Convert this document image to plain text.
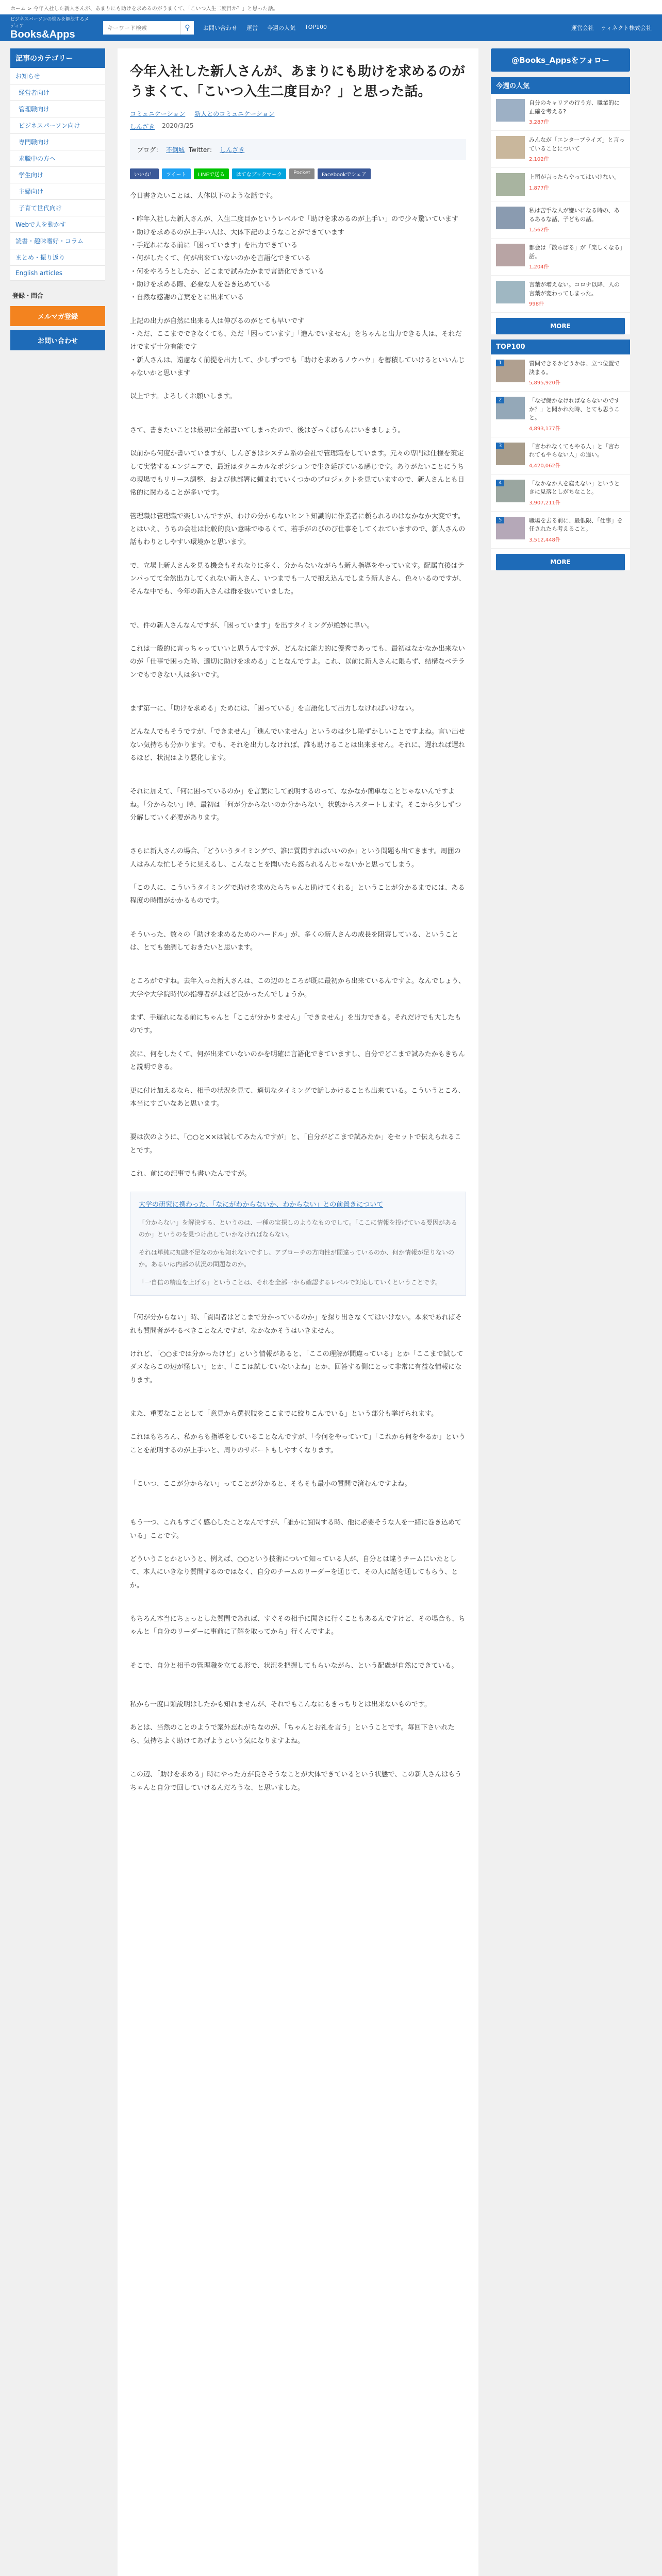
ホーム > 今年入社した新人さんが、あまりにも助けを求めるのがうまくて、「こいつ入生二度目か？」と思った話。
ビジネスパーソンの悩みを解決するメディア
Books&Apps
キーワード検索
⚲	お問い合わせ 運営 今週の人気 TOP100	運営会社 ティネクト株式会社
記事のカテゴリー
お知らせ
経営者向け
管理職向け
ビジネスパーソン向け
専門職向け
求職中の方へ
学生向け
主婦向け
子育て世代向け
Webで人を動かす
読書・趣味嗜好・コラム
まとめ・振り返り
English articles
登録・問合
メルマガ登録
お問い合わせ
今年入社した新人さんが、あまりにも助けを求めるのがうまくて、「こいつ入生二度目か？」と思った話。
コミュニケーション 新人とのコミュニケーション
しんざき 2020/3/25
ブログ： 不倒城 Twitter： しんざき
いいね！	ツイート	LINEで送る	はてなブックマーク	Pocket	Facebookでシェア

今日書きたいことは、大体以下のような話です。

・昨年入社した新人さんが、入生二度目かというレベルで「助けを求めるのが上手い」ので少々驚いています
・助けを求めるのが上手い人は、大体下記のようなことができています
・手遅れになる前に「困っています」を出力できている
・何がしたくて、何が出来ていないのかを言語化できている
・何をやろうとしたか、どこまで試みたかまで言語化できている
・助けを求める際、必要な人を巻き込めている
・自然な感謝の言葉をとに出来ている

上記の出力が自然に出来る人は伸びるのがとても早いです
・ただ、ここまでできなくても、ただ「困っています」「進んでいません」をちゃんと出力できる人は、それだけでまず十分有能です
・新人さんは、遠慮なく前提を出力して、少しずつでも「助けを求めるノウハウ」を蓄積していけるといいんじゃないかと思います

以上です。よろしくお願いします。

さて、書きたいことは最初に全部書いてしまったので、後はざっくばらんにいきましょう。

以前から何度か書いていますが、しんざきはシステム系の会社で管理職をしています。元々の専門は仕様を策定して実装するエンジニアで、最近はタクニカルなポジションで生き延びている感じです。ありがたいことにうちの現場でもリリース調整、および他部署に頼まれていくつかのプロジェクトを見ていますので、新人さんとも日常的に関わることが多いです。

管理職は管理職で楽しいんですが、わけの分からないヒント知識的に作業者に頼られるのはなかなか大変です。とはいえ、うちの会社は比較的良い意味でゆるくて、若手がのびのび仕事をしてくれていますので、新人さんの話もわりとしやすい環境かと思います。

で、立場上新人さんを見る機会もそれなりに多く、分からないながらも新人指導をやっています。配属直後はテンパってて全然出力してくれない新人さん、いつまでも一人で抱え込んでしまう新人さん、色々いるのですが、そんな中でも、今年の新人さんは群を抜いていました。

で、件の新人さんなんですが、「困っています」を出すタイミングが絶妙に早い。

これは一般的に言っちゃっていいと思うんですが、どんなに能力的に優秀であっても、最初はなかなか出来ないのが「仕事で困った時、適切に助けを求める」ことなんですよ。これ、以前に新人さんに限らず、結構なベテランでもできない人は多いです。

まず第一に、「助けを求める」ためには、「困っている」を言語化して出力しなければいけない。

どんな人でもそうですが、「できません」「進んでいません」というのは少し恥ずかしいことですよね。言い出せない気持ちも分かります。でも、それを出力しなければ、誰も助けることは出来ません。それに、遅れれば遅れるほど、状況はより悪化します。

それに加えて、「何に困っているのか」を言葉にして説明するのって、なかなか簡単なことじゃないんですよね。「分からない」時、最初は「何が分からないのか分からない」状態からスタートします。そこから少しずつ分解していく必要があります。

さらに新人さんの場合、「どういうタイミングで、誰に質問すればいいのか」という問題も出てきます。周囲の人はみんな忙しそうに見えるし、こんなことを聞いたら怒られるんじゃないかと思ってしまう。

「この人に、こういうタイミングで助けを求めたらちゃんと助けてくれる」ということが分かるまでには、ある程度の時間がかかるものです。

そういった、数々の「助けを求めるためのハードル」が、多くの新人さんの成長を阻害している、ということは、とても強調しておきたいと思います。

ところがですね。去年入った新人さんは、この辺のところが既に最初から出来ているんですよ。なんでしょう、大学や大学院時代の指導者がよほど良かったんでしょうか。

まず、手遅れになる前にちゃんと「ここが分かりません」「できません」を出力できる。それだけでも大したものです。

次に、何をしたくて、何が出来ていないのかを明確に言語化できていますし、自分でどこまで試みたかもきちんと説明できる。

更に付け加えるなら、相手の状況を見て、適切なタイミングで話しかけることも出来ている。こういうところ、本当にすごいなあと思います。

要は次のように、「○○と××は試してみたんですが」と、「自分がどこまで試みたか」をセットで伝えられることです。

これ、前にの記事でも書いたんですが。

大学の研究に携わった、「なにがわからないか、わからない」との前置きについて

「分からない」を解決する、というのは、一種の宝探しのようなものでして。「ここに情報を投げている要因があるのか」というのを見つけ出していかなければならない。

それは単純に知識不足なのかも知れないですし、アプローチの方向性が間違っているのか、何か情報が足りないのか。あるいは内部の状況の問題なのか。

「一自信の精度を上げる」ということは、それを全部一から確認するレベルで対応していくということです。

「何が分からない」時、「質問者はどこまで分かっているのか」を探り出さなくてはいけない。本来であればそれも質問者がやるべきことなんですが、なかなかそうはいきません。

けれど、「○○までは分かったけど」という情報があると、「ここの理解が間違っている」とか「ここまで試してダメならこの辺が怪しい」とか、「ここは試していないよね」とか、回答する側にとって非常に有益な情報になります。

また、重要なこととして「意見から選択肢をここまでに絞りこんでいる」という部分も挙げられます。

これはもちろん、私からも指導をしていることなんですが、「今何をやっていて」「これから何をやるか」ということを説明するのが上手いと、周りのサポートもしやすくなります。

「こいつ、ここが分からない」ってことが分かると、そもそも最小の質問で済むんですよね。

もう一つ、これもすごく感心したことなんですが、「誰かに質問する時、他に必要そうな人を一緒に巻き込めている」ことです。

どういうことかというと、例えば、○○という技術について知っている人が、自分とは違うチームにいたとして、本人にいきなり質問するのではなく、自分のチームのリーダーを通じて、その人に話を通してもらう、とか。

もちろん本当にちょっとした質問であれば、すぐその相手に聞きに行くこともあるんですけど、その場合も、ちゃんと「自分のリーダーに事前に了解を取ってから」行くんですよ。

そこで、自分と相手の管理職を立てる形で、状況を把握してもらいながら、という配慮が自然にできている。

私から一度口頭説明はしたかも知れませんが、それでもこんなにもきっちりとは出来ないものです。

あとは、当然のことのようで案外忘れがちなのが、「ちゃんとお礼を言う」ということです。毎回下さいれたら、気持ちよく助けてあげようという気になりますよね。

この辺、「助けを求める」時にやった方が良さそうなことが大体できているという状態で、この新人さんはもうちゃんと自分で回していけるんだろうな、と思いました。

@Books_Appsをフォロー
今週の人気
自分のキャリアの行う方、職業的に正確を考える?
3,287件
みんなが「エンタープライズ」と言っていることについて
2,102件
上司が言ったらやってはいけない。
1,877件
私は苦手な人が嫌いになる時の、あるあるな話、子どもの話。
1,562件
都会は「散らばる」が「楽しくなる」話。
1,204件
言葉が増えない。コロナ以降、人の言葉が変わってしまった。
998件
MORE
TOP100
1	質問できるかどうかは、立つ位置で決まる。
5,895,920件
2	「なぜ働かなければならないのですか？」と聞かれた時、とても思うこと。
4,893,177件
3	「言われなくてもやる人」と「言われてもやらない人」の違い。
4,420,062件
4	「なかなか人を雇えない」というときに見落としがちなこと。
3,907,211件
5	職場を去る前に、最低限、「仕事」を任されたら考えること。
3,512,448件
MORE
